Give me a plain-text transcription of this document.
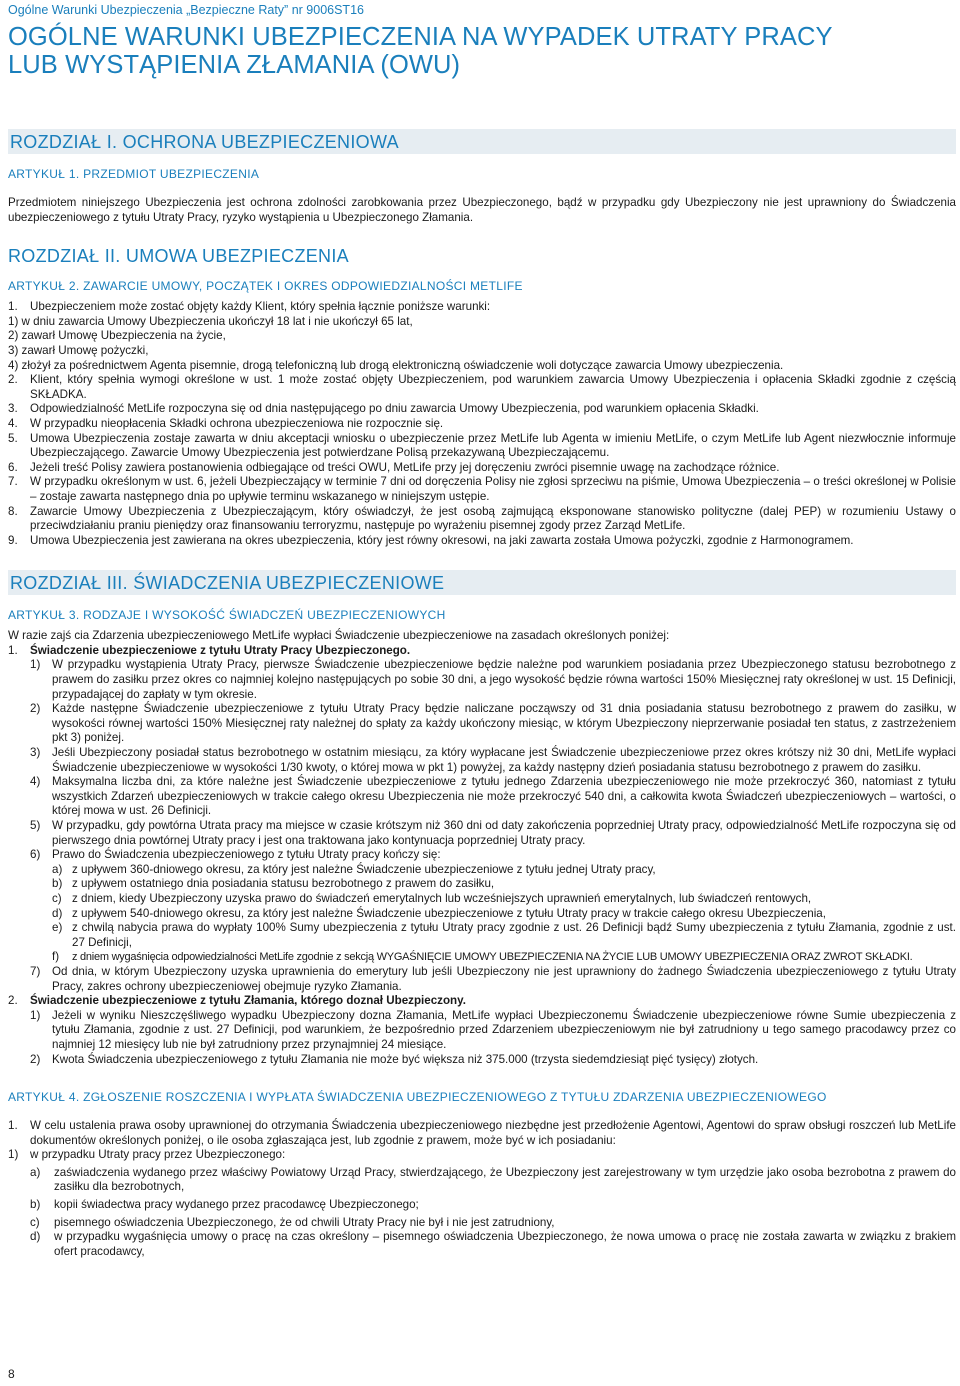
Ogólne Warunki Ubezpieczenia „Bezpieczne Raty” nr 9006ST16
OGÓLNE WARUNKI UBEZPIECZENIA NA WYPADEK UTRATY PRACY
LUB WYSTĄPIENIA ZŁAMANIA (OWU)
ROZDZIAŁ I. OCHRONA UBEZPIECZENIOWA
ARTYKUŁ 1. PRZEDMIOT UBEZPIECZENIA

Przedmiotem niniejszego Ubezpieczenia jest ochrona zdolności zarobkowania przez Ubezpieczonego, bądź w przypadku gdy Ubezpieczony nie jest uprawniony do Świadczenia ubezpieczeniowego z tytułu Utraty Pracy, ryzyko wystąpienia u Ubezpieczonego Złamania.

ROZDZIAŁ II. UMOWA UBEZPIECZENIA
ARTYKUŁ 2. ZAWARCIE UMOWY, POCZĄTEK I OKRES ODPOWIEDZIALNOŚCI METLIFE
1.	Ubezpieczeniem może zostać objęty każdy Klient, który spełnia łącznie poniższe warunki:
1) w dniu zawarcia Umowy Ubezpieczenia ukończył 18 lat i nie ukończył 65 lat,
2) zawarł Umowę Ubezpieczenia na życie,
3) zawarł Umowę pożyczki,
4) złożył za pośrednictwem Agenta pisemnie, drogą telefoniczną lub drogą elektroniczną oświadczenie woli dotyczące zawarcia Umowy ubezpieczenia.
2.	Klient, który spełnia wymogi określone w ust. 1 może zostać objęty Ubezpieczeniem, pod warunkiem zawarcia Umowy Ubezpieczenia i opłacenia Składki zgodnie z częścią SKŁADKA.
3.	Odpowiedzialność MetLife rozpoczyna się od dnia następującego po dniu zawarcia Umowy Ubezpieczenia, pod warunkiem opłacenia Składki.
4.	W przypadku nieopłacenia Składki ochrona ubezpieczeniowa nie rozpocznie się.
5.	Umowa Ubezpieczenia zostaje zawarta w dniu akceptacji wniosku o ubezpieczenie przez MetLife lub Agenta w imieniu MetLife, o czym MetLife lub Agent niezwłocznie informuje Ubezpieczającego. Zawarcie Umowy Ubezpieczenia jest potwierdzane Polisą przekazywaną Ubezpieczającemu.
6.	Jeżeli treść Polisy zawiera postanowienia odbiegające od treści OWU, MetLife przy jej doręczeniu zwróci pisemnie uwagę na zachodzące różnice.
7.	W przypadku określonym w ust. 6, jeżeli Ubezpieczający w terminie 7 dni od doręczenia Polisy nie zgłosi sprzeciwu na piśmie, Umowa Ubezpieczenia – o treści określonej w Polisie – zostaje zawarta następnego dnia po upływie terminu wskazanego w niniejszym ustępie.
8.	Zawarcie Umowy Ubezpieczenia z Ubezpieczającym, który oświadczył, że jest osobą zajmującą eksponowane stanowisko polityczne (dalej PEP) w rozumieniu Ustawy o przeciwdziałaniu praniu pieniędzy oraz finansowaniu terroryzmu, następuje po wyrażeniu pisemnej zgody przez Zarząd MetLife.
9.	Umowa Ubezpieczenia jest zawierana na okres ubezpieczenia, który jest równy okresowi, na jaki zawarta została Umowa pożyczki, zgodnie z Harmonogramem.
ROZDZIAŁ III. ŚWIADCZENIA UBEZPIECZENIOWE
ARTYKUŁ 3. RODZAJE I WYSOKOŚĆ ŚWIADCZEŃ UBEZPIECZENIOWYCH

W razie zajś cia Zdarzenia ubezpieczeniowego MetLife wypłaci Świadczenie ubezpieczeniowe na zasadach określonych poniżej:

1.	Świadczenie ubezpieczeniowe z tytułu Utraty Pracy Ubezpieczonego.
1)	W przypadku wystąpienia Utraty Pracy, pierwsze Świadczenie ubezpieczeniowe będzie należne pod warunkiem posiadania przez Ubezpieczonego statusu bezrobotnego z prawem do zasiłku przez okres co najmniej kolejno następujących po sobie 30 dni, a jego wysokość będzie równa wartości 150% Miesięcznej raty określonej w ust. 15 Definicji, przypadającej do zapłaty w tym okresie.
2)	Każde następne Świadczenie ubezpieczeniowe z tytułu Utraty Pracy będzie naliczane począwszy od 31 dnia posiadania statusu bezrobotnego z prawem do zasiłku, w wysokości równej wartości 150% Miesięcznej raty należnej do spłaty za każdy ukończony miesiąc, w którym Ubezpieczony nieprzerwanie posiadał ten status, z zastrzeżeniem pkt 3) poniżej.
3)	Jeśli Ubezpieczony posiadał status bezrobotnego w ostatnim miesiącu, za który wypłacane jest Świadczenie ubezpieczeniowe przez okres krótszy niż 30 dni, MetLife wypłaci Świadczenie ubezpieczeniowe w wysokości 1/30 kwoty, o której mowa w pkt 1) powyżej, za każdy następny dzień posiadania statusu bezrobotnego z prawem do zasiłku.
4)	Maksymalna liczba dni, za które należne jest Świadczenie ubezpieczeniowe z tytułu jednego Zdarzenia ubezpieczeniowego nie może przekroczyć 360, natomiast z tytułu wszystkich Zdarzeń ubezpieczeniowych w trakcie całego okresu Ubezpieczenia nie może przekroczyć 540 dni, a całkowita kwota Świadczeń ubezpieczeniowych – wartości, o której mowa w ust. 26 Definicji.
5)	W przypadku, gdy powtórna Utrata pracy ma miejsce w czasie krótszym niż 360 dni od daty zakończenia poprzedniej Utraty pracy, odpowiedzialność MetLife rozpoczyna się od pierwszego dnia powtórnej Utraty pracy i jest ona traktowana jako kontynuacja poprzedniej Utraty pracy.
6)	Prawo do Świadczenia ubezpieczeniowego z tytułu Utraty pracy kończy się:
a) z upływem 360-dniowego okresu, za który jest należne Świadczenie ubezpieczeniowe z tytułu jednej Utraty pracy,
b) z upływem ostatniego dnia posiadania statusu bezrobotnego z prawem do zasiłku,
c) z dniem, kiedy Ubezpieczony uzyska prawo do świadczeń emerytalnych lub wcześniejszych uprawnień emerytalnych, lub świadczeń rentowych,
d) z upływem 540-dniowego okresu, za który jest należne Świadczenie ubezpieczeniowe z tytułu Utraty pracy w trakcie całego okresu Ubezpieczenia,
e) z chwilą nabycia prawa do wypłaty 100% Sumy ubezpieczenia z tytułu Utraty pracy zgodnie z ust. 26 Definicji bądź Sumy ubezpieczenia z tytułu Złamania, zgodnie z ust. 27 Definicji,
f)	z dniem wygaśnięcia odpowiedzialności MetLife zgodnie z sekcją WYGAŚNIĘCIE UMOWY UBEZPIECZENIA NA ŻYCIE LUB UMOWY UBEZPIECZENIA ORAZ ZWROT SKŁADKI.
7)	Od dnia, w którym Ubezpieczony uzyska uprawnienia do emerytury lub jeśli Ubezpieczony nie jest uprawniony do żadnego Świadczenia ubezpieczeniowego z tytułu Utraty Pracy, zakres ochrony ubezpieczeniowej obejmuje ryzyko Złamania.
2.	Świadczenie ubezpieczeniowe z tytułu Złamania, którego doznał Ubezpieczony.
1)	Jeżeli w wyniku Nieszczęśliwego wypadku Ubezpieczony dozna Złamania, MetLife wypłaci Ubezpieczonemu Świadczenie ubezpieczeniowe równe Sumie ubezpieczenia z tytułu Złamania, zgodnie z ust. 27 Definicji, pod warunkiem, że bezpośrednio przed Zdarzeniem ubezpieczeniowym nie był zatrudniony u tego samego pracodawcy przez co najmniej 12 miesięcy lub nie był zatrudniony przez przynajmniej 24 miesiące.
2)	Kwota Świadczenia ubezpieczeniowego z tytułu Złamania nie może być większa niż 375.000 (trzysta siedemdziesiąt pięć tysięcy) złotych.
ARTYKUŁ 4. ZGŁOSZENIE ROSZCZENIA I WYPŁATA ŚWIADCZENIA UBEZPIECZENIOWEGO Z TYTUŁU ZDARZENIA UBEZPIECZENIOWEGO
1.	W celu ustalenia prawa osoby uprawnionej do otrzymania Świadczenia ubezpieczeniowego niezbędne jest przedłożenie Agentowi, Agentowi do spraw obsługi roszczeń lub MetLife dokumentów określonych poniżej, o ile osoba zgłaszająca jest, lub zgodnie z prawem, może być w ich posiadaniu:
1)	w przypadku Utraty pracy przez Ubezpieczonego:
a)	zaświadczenia wydanego przez właściwy Powiatowy Urząd Pracy, stwierdzającego, że Ubezpieczony jest zarejestrowany w tym urzędzie jako osoba bezrobotna z prawem do zasiłku dla bezrobotnych,
b)	kopii świadectwa pracy wydanego przez pracodawcę Ubezpieczonego;
c)	pisemnego oświadczenia Ubezpieczonego, że od chwili Utraty Pracy nie był i nie jest zatrudniony,
d)	w przypadku wygaśnięcia umowy o pracę na czas określony – pisemnego oświadczenia Ubezpieczonego, że nowa umowa o pracę nie została zawarta w związku z brakiem ofert pracodawcy,
8
